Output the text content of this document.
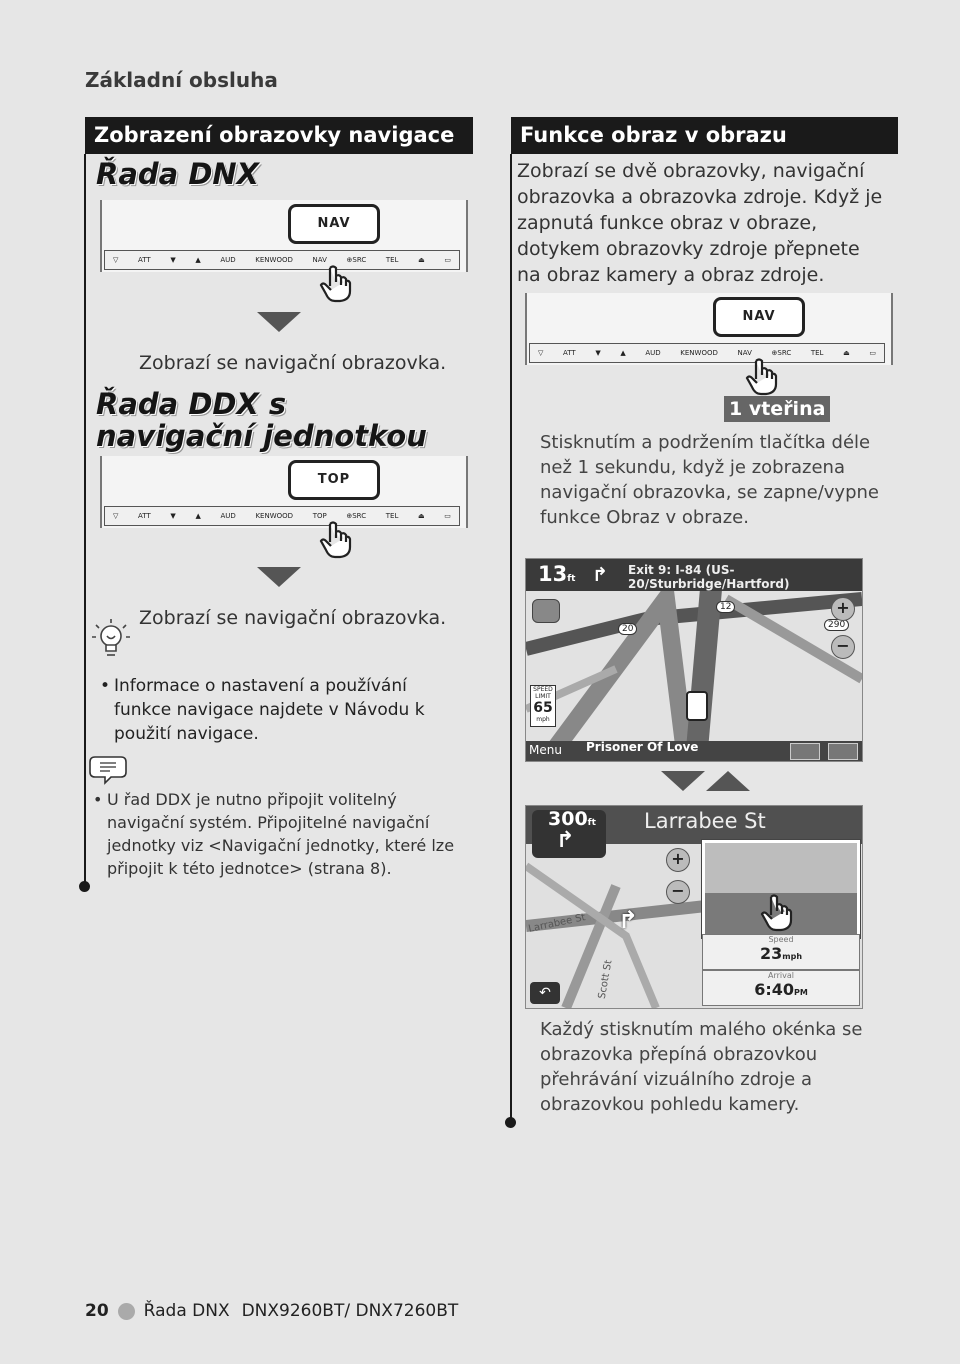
Základní obsluha
Zobrazení obrazovky navigace
Řada DNX
NAV
▽	ATT	▼	▲	AUD	KENWOOD	NAV	⊕SRC	TEL	⏏	▭
Zobrazí se navigační obrazovka.
Řada DDX s navigační jednotkou
TOP
▽	ATT	▼	▲	AUD	KENWOOD	TOP	⊕SRC	TEL	⏏	▭
Zobrazí se navigační obrazovka.
• Informace o nastavení a používání funkce navigace najdete v Návodu k použití navigace.
• U řad DDX je nutno připojit volitelný navigační systém. Připojitelné navigační jednotky viz <Navigační jednotky, které lze připojit k této jednotce> (strana 8).
Funkce obraz v obrazu
Zobrazí se dvě obrazovky, navigační obrazovka a obrazovka zdroje. Když je zapnutá funkce obraz v obraze, dotykem obrazovky zdroje přepnete na obraz kamery a obraz zdroje.
NAV
▽	ATT	▼	▲	AUD	KENWOOD	NAV	⊕SRC	TEL	⏏	▭
1 vteřina
Stisknutím a podržením tlačítka déle než 1 sekundu, když je zobrazena navigační obrazovka, se zapne/vypne funkce Obraz v obraze.
13ft ↱ Exit 9: I-84 (US-20/Sturbridge/Hartford)
12
20	290
+
−
SPEED LIMIT
65
mph
Menu Prisoner Of Love
300ft
↱
Larrabee St
+
−
Larrabee St
Scott St
↱
↶
Speed
23mph
Arrival
6:40PM
Každý stisknutím malého okénka se obrazovka přepíná obrazovkou přehrávání vizuálního zdroje a obrazovkou pohledu kamery.
20 Řada DNX DNX9260BT/ DNX7260BT
